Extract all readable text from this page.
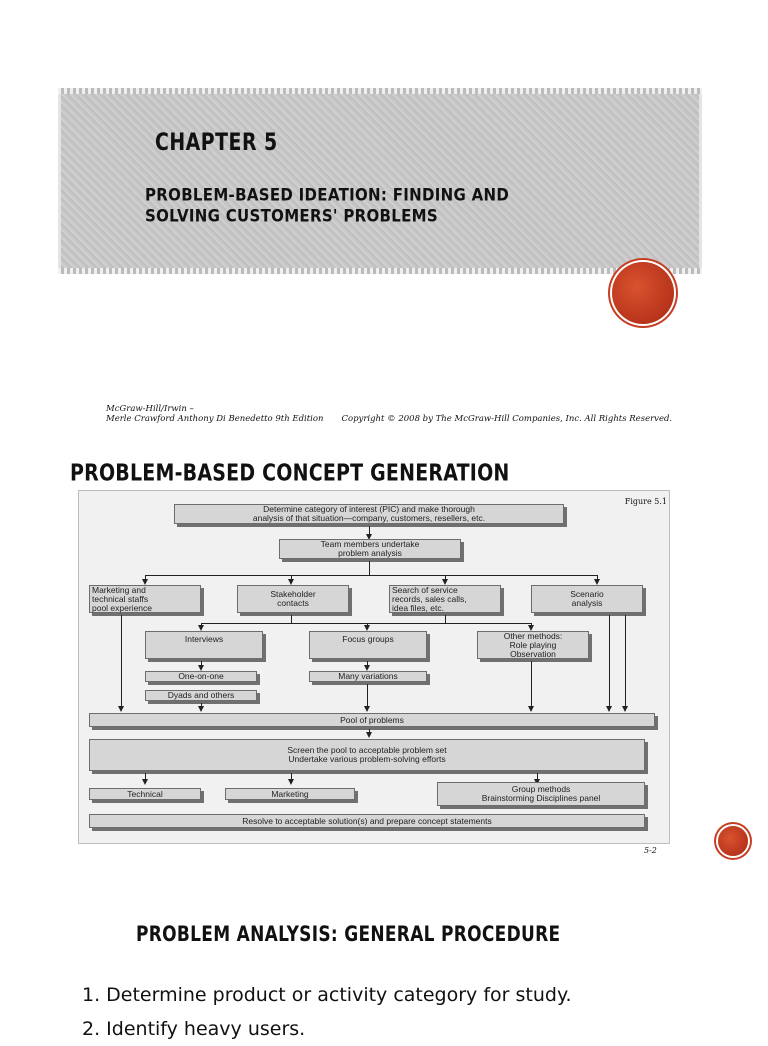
CHAPTER 5
PROBLEM-BASED IDEATION: FINDING AND SOLVING CUSTOMERS' PROBLEMS
McGraw-Hill/Irwin –
Merle Crawford Anthony Di Benedetto 9th Edition Copyright © 2008 by The McGraw-Hill Companies, Inc. All Rights Reserved.
PROBLEM-BASED CONCEPT GENERATION
Figure 5.1
Determine category of interest (PIC) and make thorough
analysis of that situation—company, customers, resellers, etc.
Team members undertake
problem analysis
Marketing and
technical staffs
pool experience
Stakeholder
contacts
Search of service
records, sales calls,
idea files, etc.
Scenario
analysis
Interviews	Focus groups	Other methods:
Role playing
Observation
One-on-one
Dyads and others
Many variations
Pool of problems
Screen the pool to acceptable problem set
Undertake various problem-solving efforts
Technical	Marketing	Group methods
Brainstorming Disciplines panel
Resolve to acceptable solution(s) and prepare concept statements
5-2
PROBLEM ANALYSIS: GENERAL PROCEDURE
1. Determine product or activity category for study.
2. Identify heavy users.
